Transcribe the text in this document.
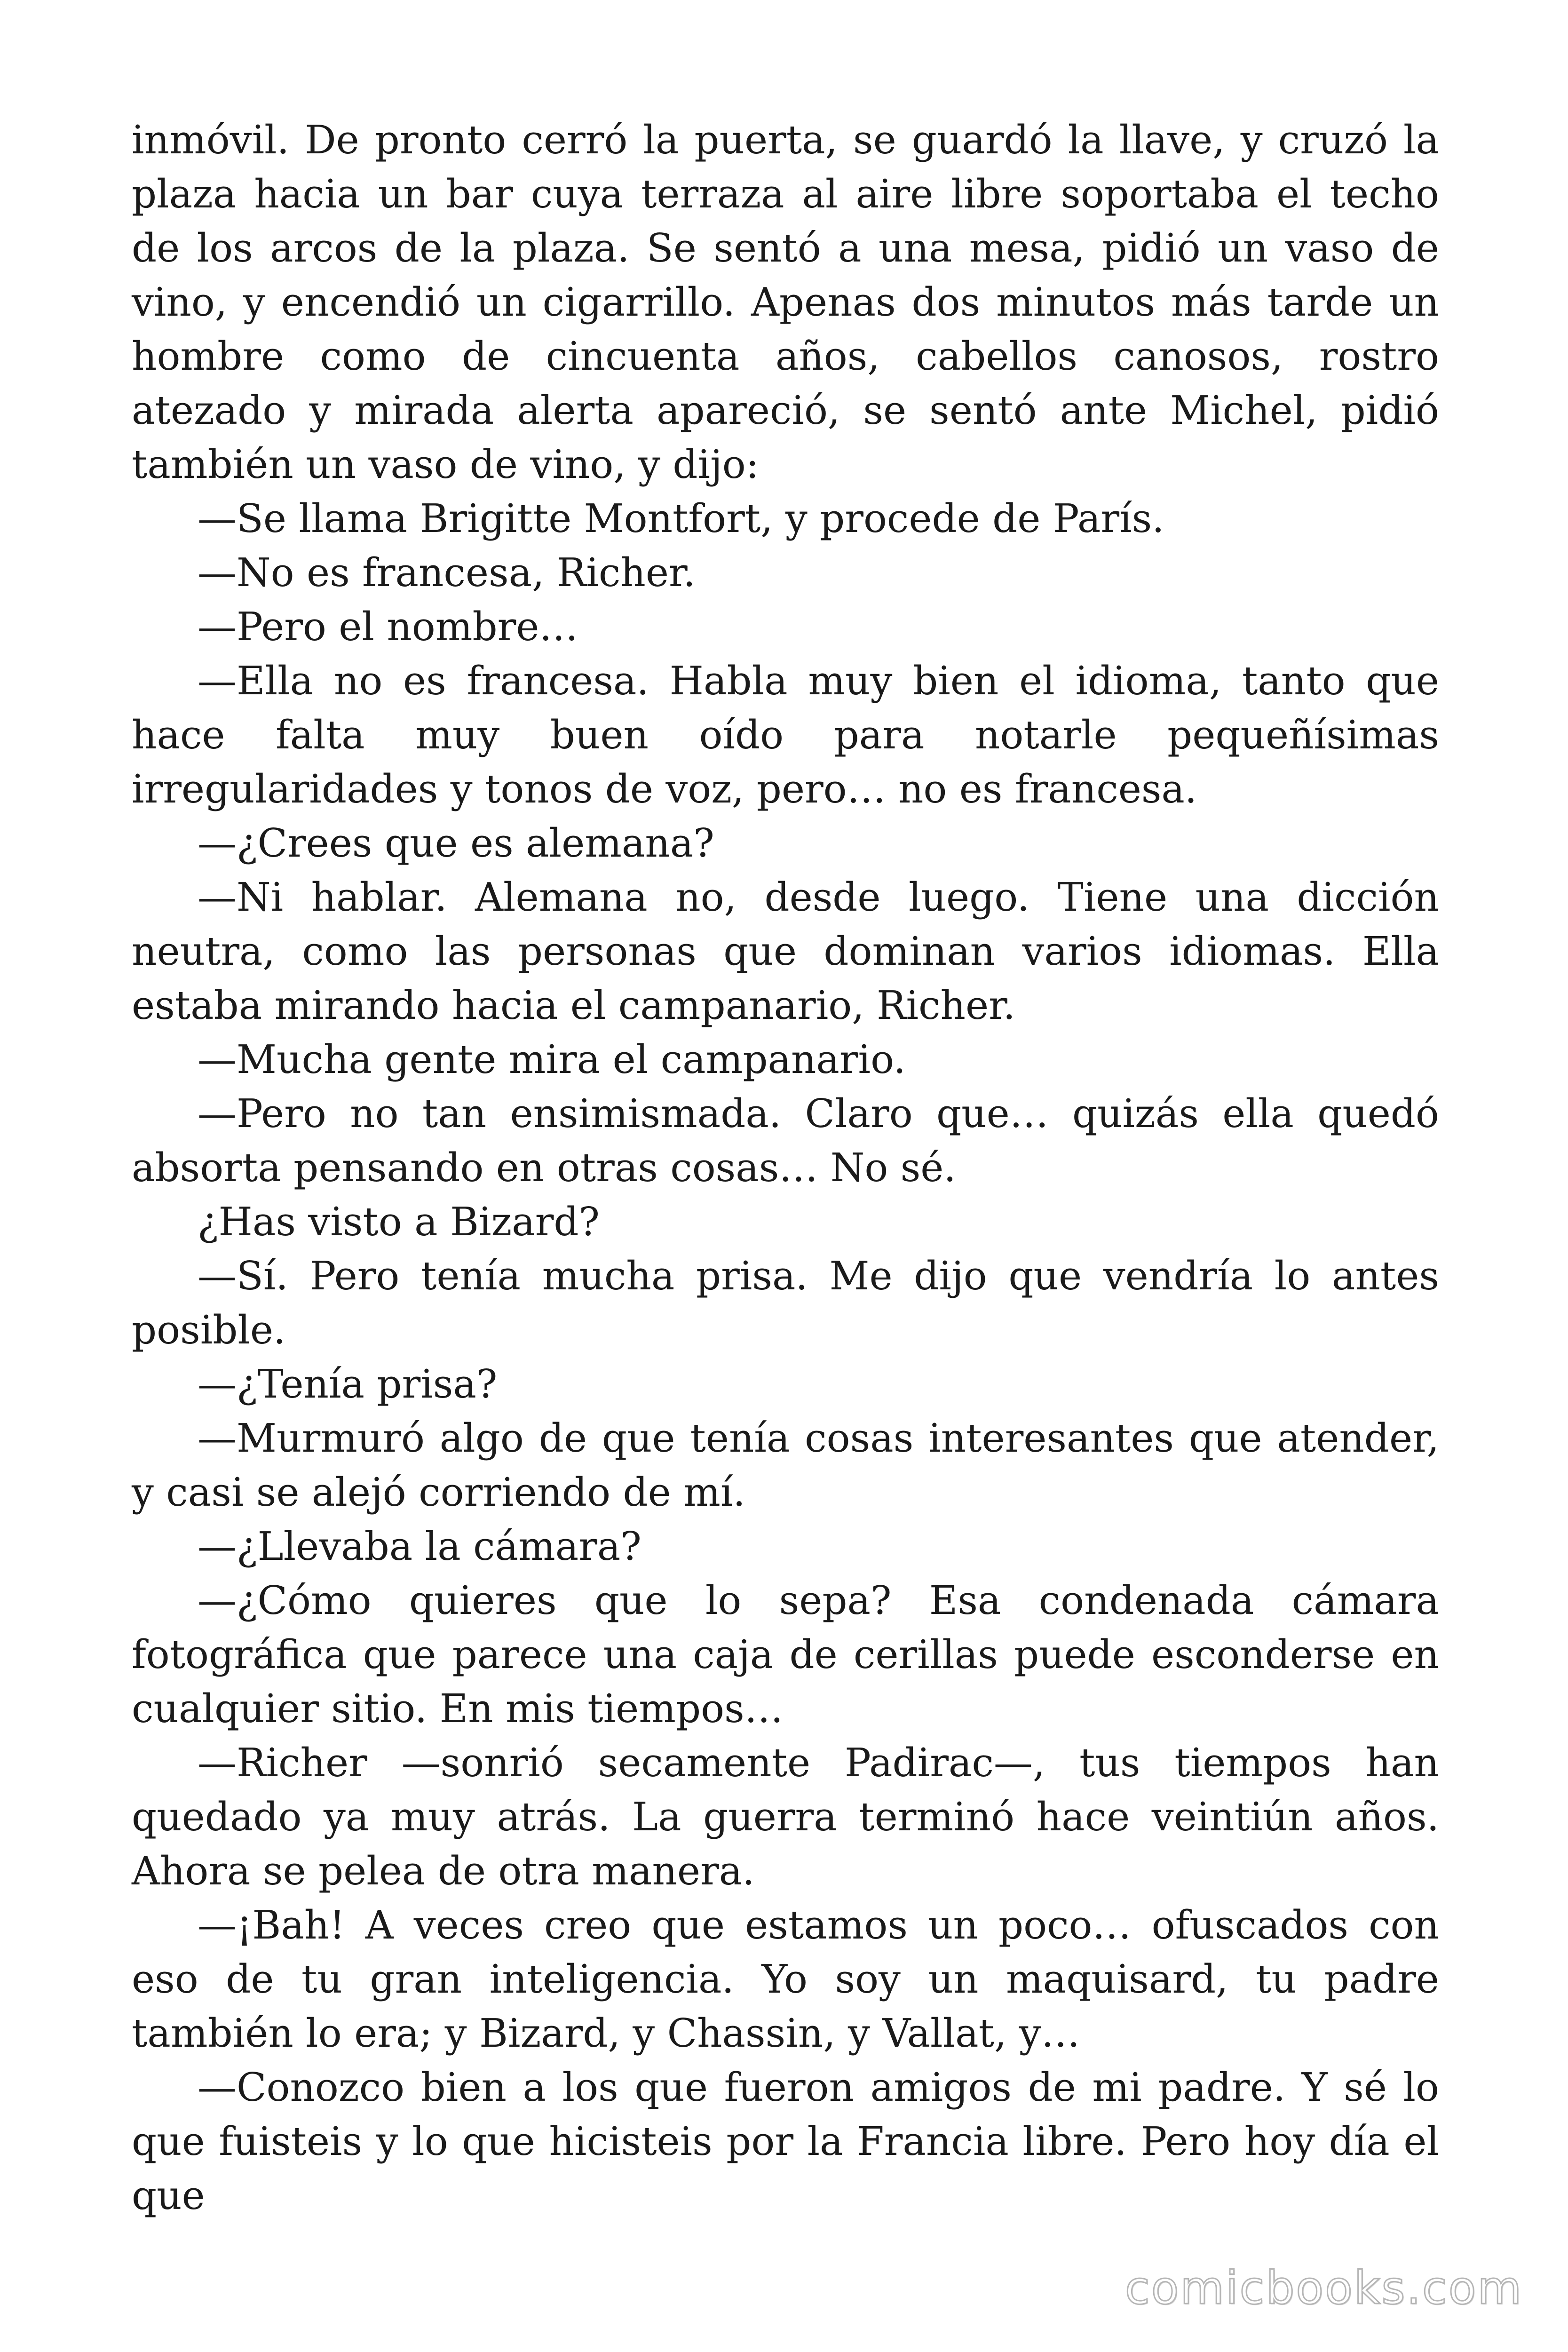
inmóvil. De pronto cerró la puerta, se guardó la llave, y cruzó la plaza hacia un bar cuya terraza al aire libre soportaba el techo de los arcos de la plaza. Se sentó a una mesa, pidió un vaso de vino, y encendió un cigarrillo. Apenas dos minutos más tarde un hombre como de cincuenta años, cabellos canosos, rostro atezado y mirada alerta apareció, se sentó ante Michel, pidió también un vaso de vino, y dijo:

—Se llama Brigitte Montfort, y procede de París.

—No es francesa, Richer.

—Pero el nombre…

—Ella no es francesa. Habla muy bien el idioma, tanto que hace falta muy buen oído para notarle pequeñísimas irregularidades y tonos de voz, pero… no es francesa.

—¿Crees que es alemana?

—Ni hablar. Alemana no, desde luego. Tiene una dicción neutra, como las personas que dominan varios idiomas. Ella estaba mirando hacia el campanario, Richer.

—Mucha gente mira el campanario.

—Pero no tan ensimismada. Claro que… quizás ella quedó absorta pensando en otras cosas… No sé.

¿Has visto a Bizard?

—Sí. Pero tenía mucha prisa. Me dijo que vendría lo antes posible.

—¿Tenía prisa?

—Murmuró algo de que tenía cosas interesantes que atender, y casi se alejó corriendo de mí.

—¿Llevaba la cámara?

—¿Cómo quieres que lo sepa? Esa condenada cámara fotográfica que parece una caja de cerillas puede esconderse en cualquier sitio. En mis tiempos…

—Richer —sonrió secamente Padirac—, tus tiempos han quedado ya muy atrás. La guerra terminó hace veintiún años. Ahora se pelea de otra manera.

—¡Bah! A veces creo que estamos un poco… ofuscados con eso de tu gran inteligencia. Yo soy un maquisard, tu padre también lo era; y Bizard, y Chassin, y Vallat, y…

—Conozco bien a los que fueron amigos de mi padre. Y sé lo que fuisteis y lo que hicisteis por la Francia libre. Pero hoy día el que

comicbooks.com
